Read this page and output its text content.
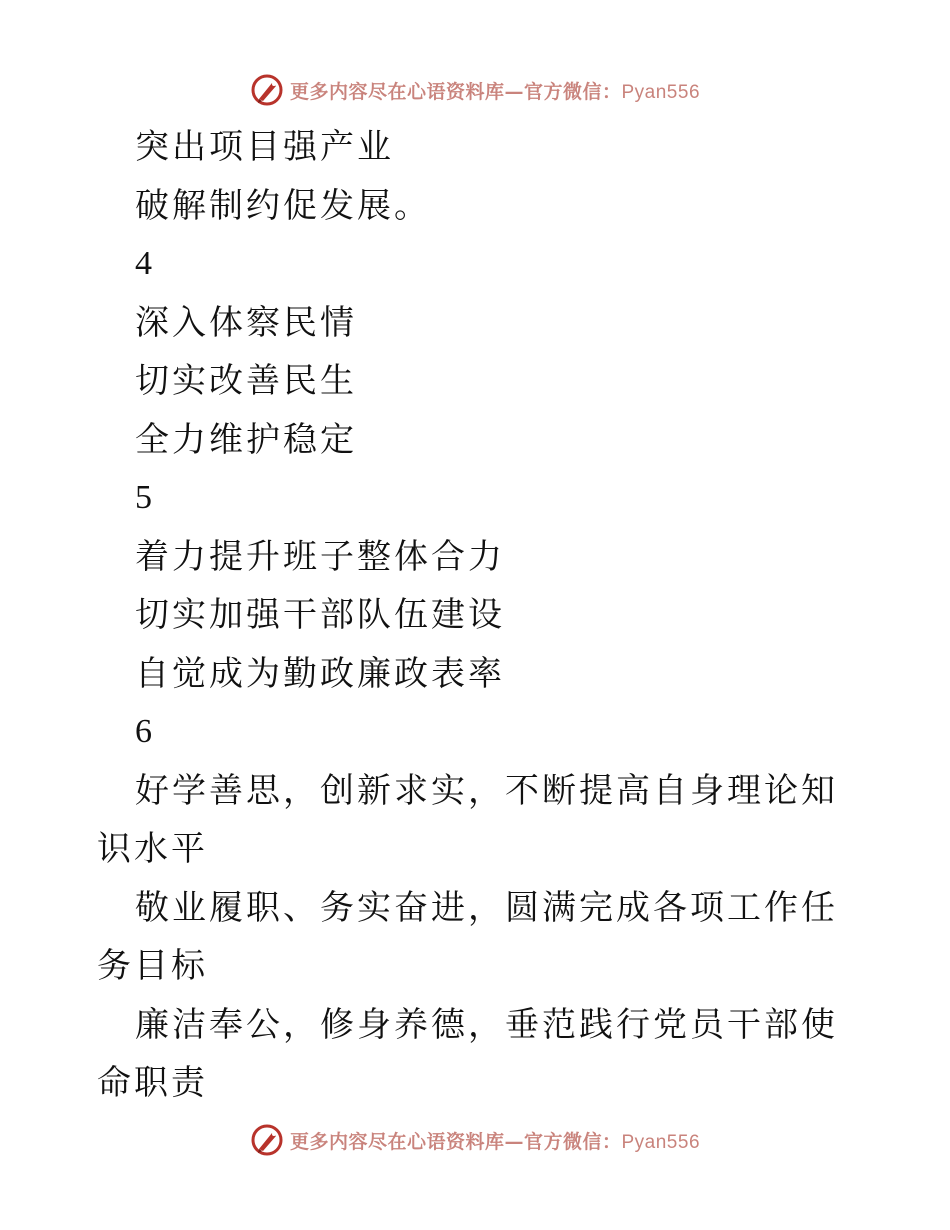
更多内容尽在心语资料库—官方微信：Pyan556
突出项目强产业
破解制约促发展。
4
深入体察民情
切实改善民生
全力维护稳定
5
着力提升班子整体合力
切实加强干部队伍建设
自觉成为勤政廉政表率
6
好学善思，创新求实，不断提高自身理论知识水平
敬业履职、务实奋进，圆满完成各项工作任务目标
廉洁奉公，修身养德，垂范践行党员干部使命职责
更多内容尽在心语资料库—官方微信：Pyan556
